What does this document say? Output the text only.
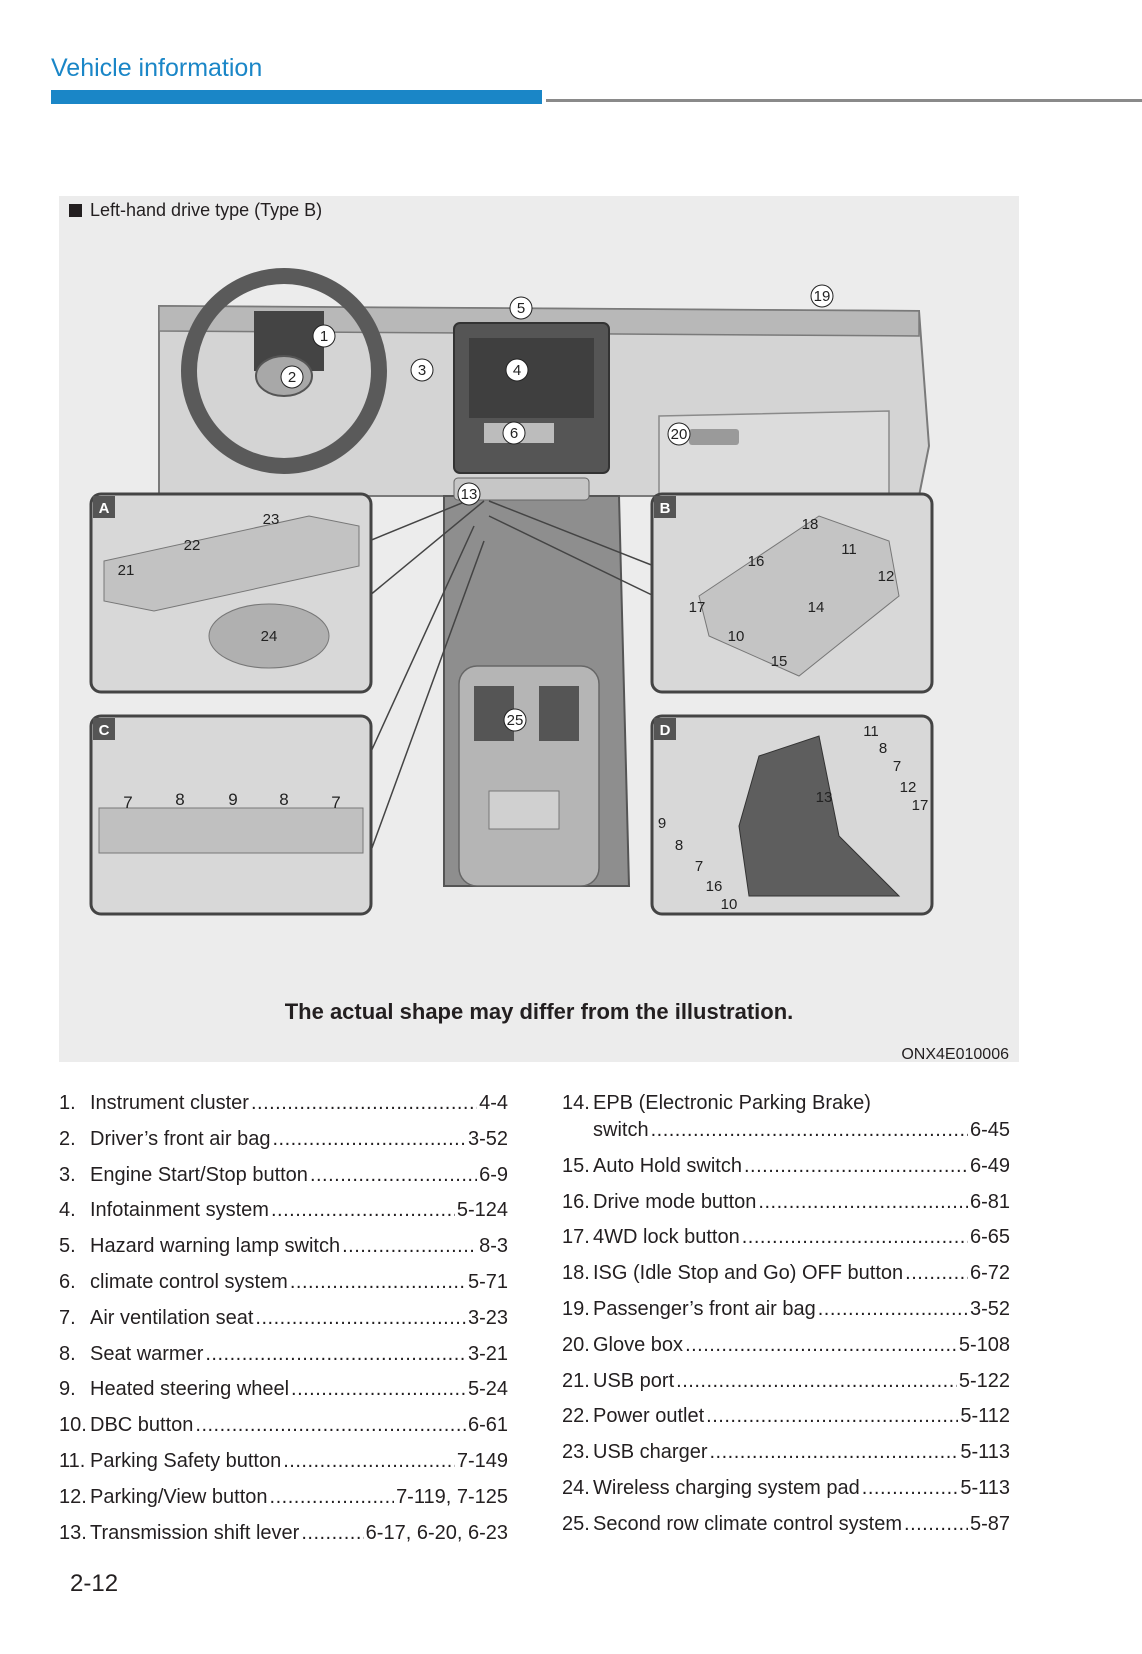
Vehicle information
Left-hand drive type (Type B)
A	B
C	D
1
2	3	4
5
6
13
19
20
25
21
22
23
24
18
16
11
12
17	14
10
15
7	8	9 8	7
11
8
7
12
17
13
9
8
7
16
10
The actual shape may differ from the illustration.
ONX4E010006
1. Instrument cluster .....	4-4
2. Driver’s front air bag .....	3-52
3. Engine Start/Stop button .....	6-9
4. Infotainment system .....	5-124
5. Hazard warning lamp switch .....	8-3
6. climate control system .....	5-71
7. Air ventilation seat .....	3-23
8. Seat warmer .....	3-21
9. Heated steering wheel .....	5-24
10. DBC button .....	6-61
11. Parking Safety button .....	7-149
12. Parking/View button .....	7-119, 7-125
13. Transmission shift lever .....	6-17, 6-20, 6-23
14. EPB (Electronic Parking Brake)
switch .....	6-45
15. Auto Hold switch .....	6-49
16. Drive mode button .....	6-81
17. 4WD lock button .....	6-65
18. ISG (Idle Stop and Go) OFF button .....	6-72
19. Passenger’s front air bag .....	3-52
20. Glove box .....	5-108
21. USB port .....	5-122
22. Power outlet .....	5-112
23. USB charger .....	5-113
24. Wireless charging system pad .....	5-113
25. Second row climate control system .....	5-87
2-12
